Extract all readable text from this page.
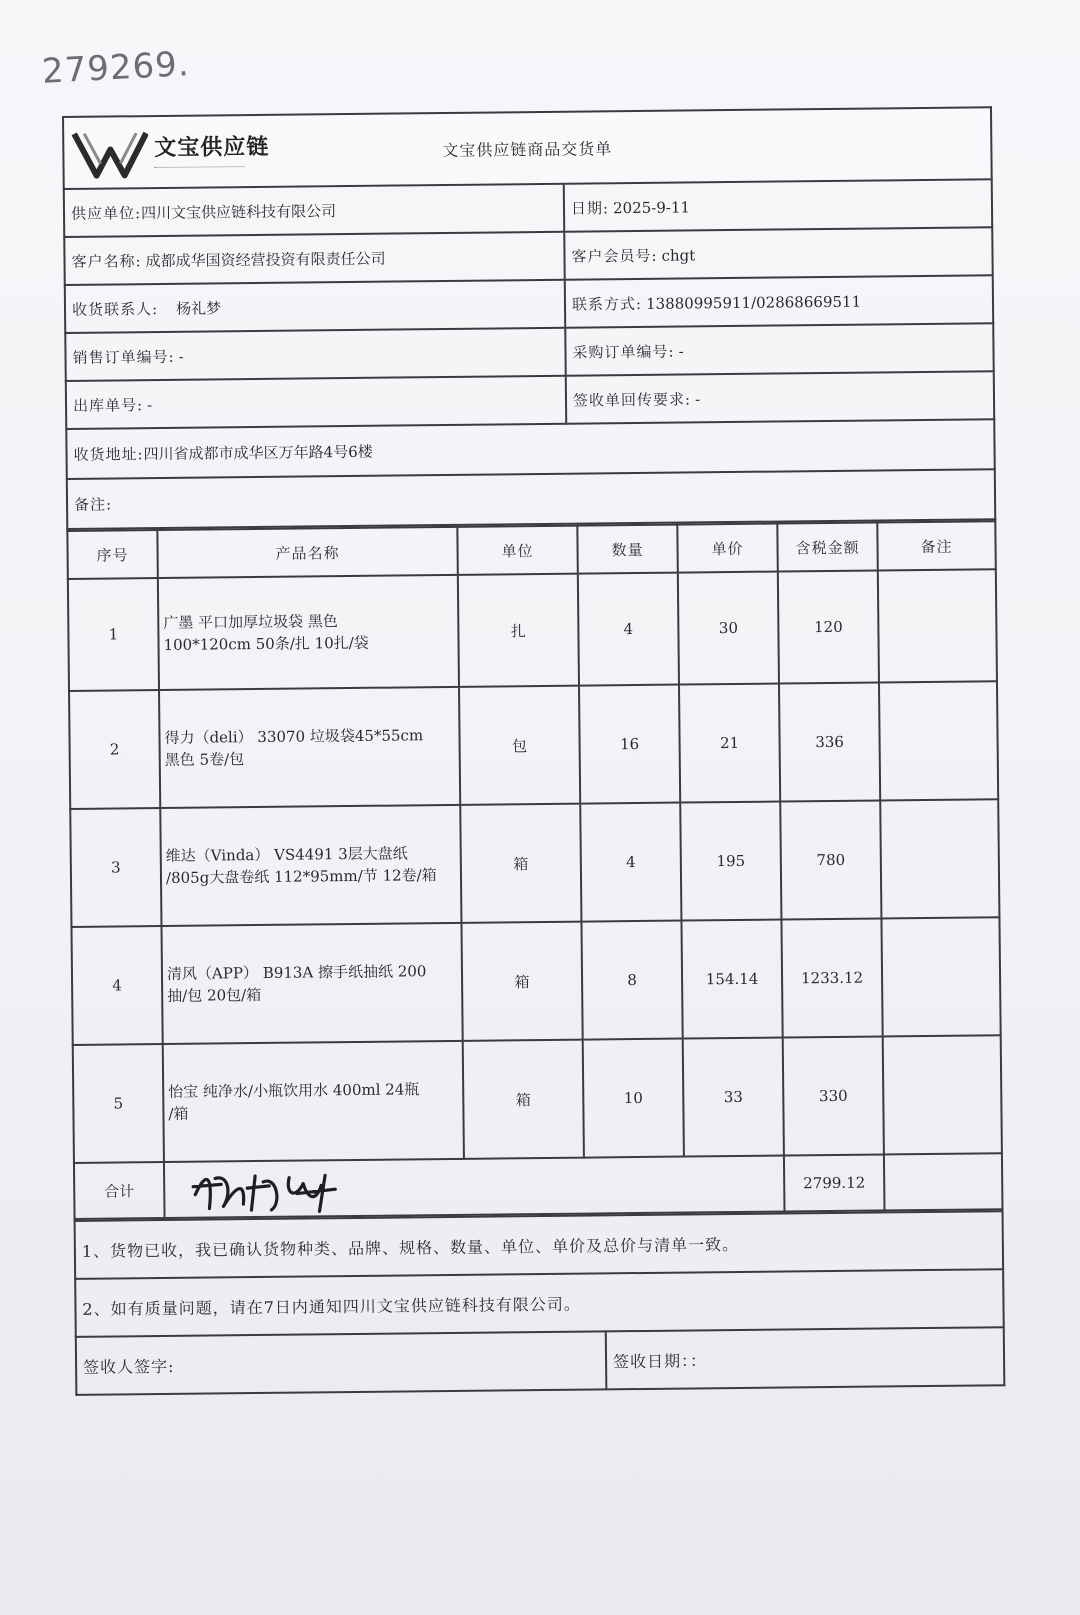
279269.
文宝供应链	文宝供应链商品交货单
供应单位:四川文宝供应链科技有限公司	日期: 2025-9-11
客户名称: 成都成华国资经营投资有限责任公司	客户会员号: chgt
收货联系人: 杨礼梦	联系方式: 13880995911/02868669511
销售订单编号: -	采购订单编号: -
出库单号: -	签收单回传要求: -
收货地址:四川省成都市成华区万年路4号6楼	
备注:	
序号	产品名称	单位	数量	单价	含税金额	备注
1	广墨 平口加厚垃圾袋 黑色
100*120cm 50条/扎 10扎/袋	扎	4	30	120	
2	得力（deli） 33070 垃圾袋45*55cm
黑色 5卷/包	包	16	21	336	
3	维达（Vinda） VS4491 3层大盘纸
/805g大盘卷纸 112*95mm/节 12卷/箱	箱	4	195	780	
4	清风（APP） B913A 擦手纸抽纸 200
抽/包 20包/箱	箱	8	154.14	1233.12	
5	怡宝 纯净水/小瓶饮用水 400ml 24瓶
/箱	箱	10	33	330	
合计					2799.12	
1、货物已收，我已确认货物种类、品牌、规格、数量、单位、单价及总价与清单一致。
2、如有质量问题，请在7日内通知四川文宝供应链科技有限公司。
签收人签字:	签收日期：：
